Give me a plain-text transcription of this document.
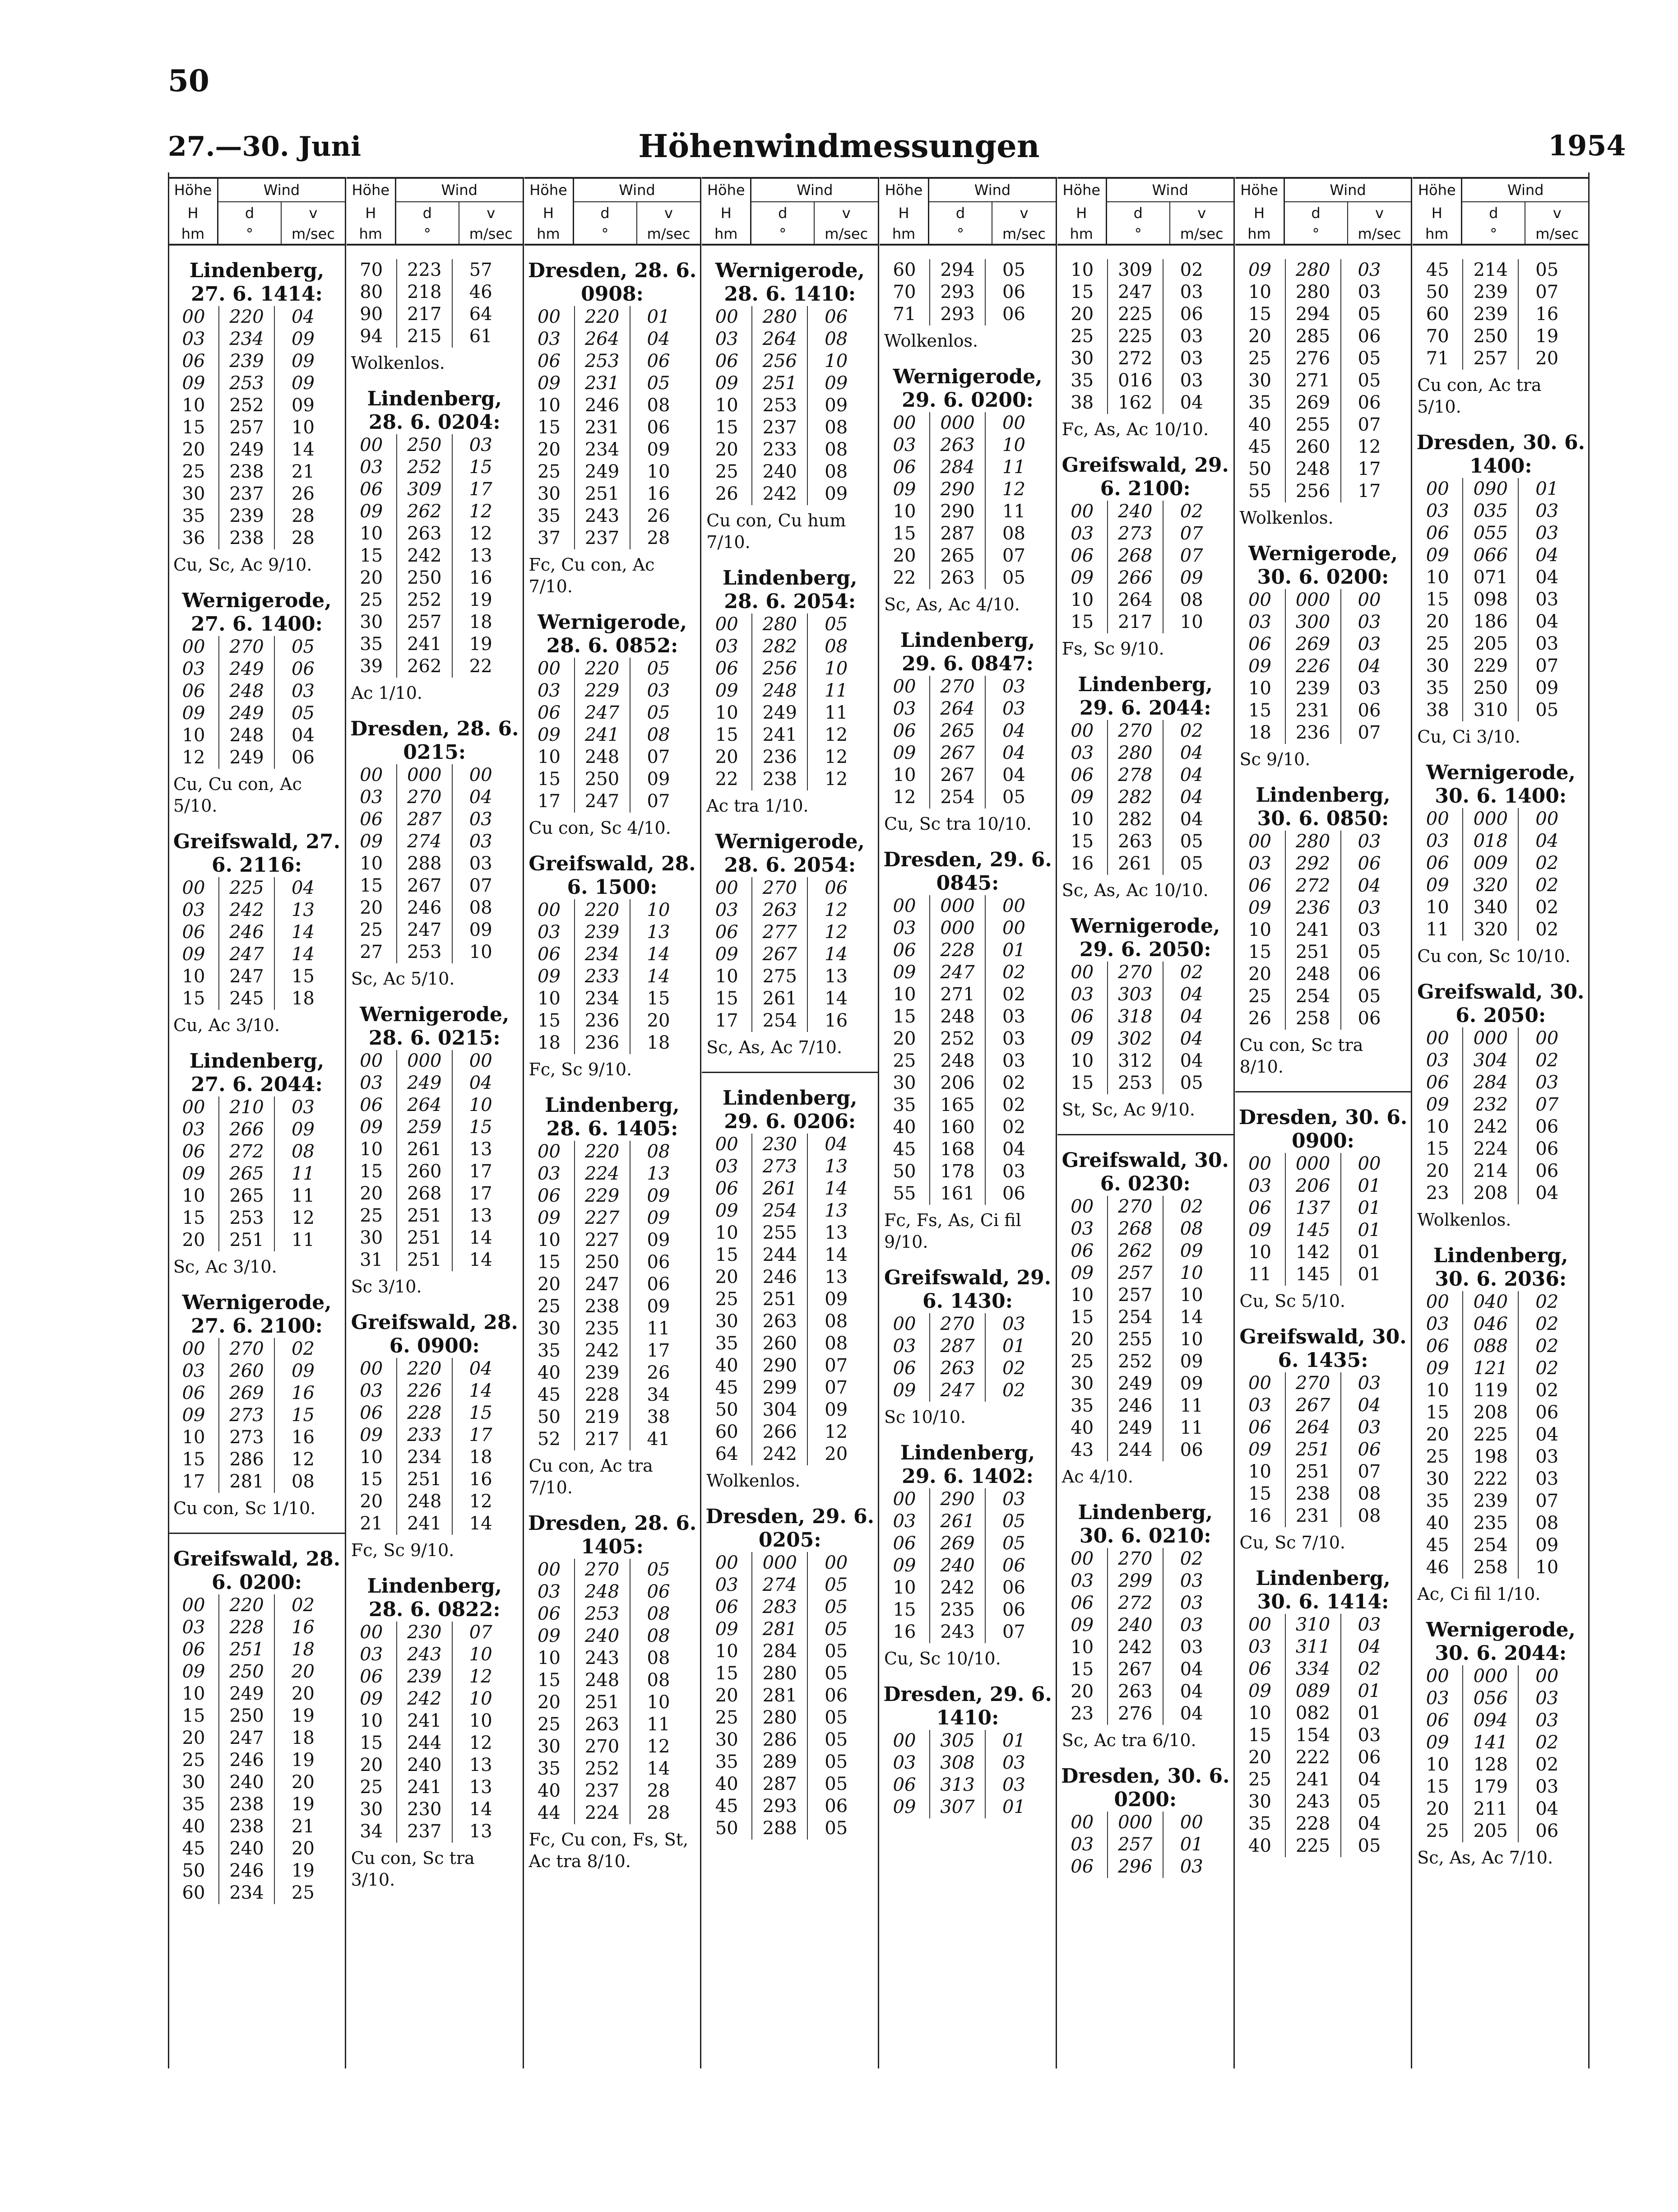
50
27.—30. Juni	Höhenwindmessungen	1954
Höhe	Wind
H	d	v
hm	°	m/sec
Lindenberg, 27. 6. 1414:
00	220	04
03	234	09
06	239	09
09	253	09
10	252	09
15	257	10
20	249	14
25	238	21
30	237	26
35	239	28
36	238	28
Cu, Sc, Ac 9/10.
Wernigerode, 27. 6. 1400:
00	270	05
03	249	06
06	248	03
09	249	05
10	248	04
12	249	06
Cu, Cu con, Ac 5/10.
Greifswald, 27. 6. 2116:
00	225	04
03	242	13
06	246	14
09	247	14
10	247	15
15	245	18
Cu, Ac 3/10.
Lindenberg, 27. 6. 2044:
00	210	03
03	266	09
06	272	08
09	265	11
10	265	11
15	253	12
20	251	11
Sc, Ac 3/10.
Wernigerode, 27. 6. 2100:
00	270	02
03	260	09
06	269	16
09	273	15
10	273	16
15	286	12
17	281	08
Cu con, Sc 1/10.
Greifswald, 28. 6. 0200:
00	220	02
03	228	16
06	251	18
09	250	20
10	249	20
15	250	19
20	247	18
25	246	19
30	240	20
35	238	19
40	238	21
45	240	20
50	246	19
60	234	25
Höhe	Wind
H	d	v
hm	°	m/sec
70	223	57
80	218	46
90	217	64
94	215	61
Wolkenlos.
Lindenberg, 28. 6. 0204:
00	250	03
03	252	15
06	309	17
09	262	12
10	263	12
15	242	13
20	250	16
25	252	19
30	257	18
35	241	19
39	262	22
Ac 1/10.
Dresden, 28. 6. 0215:
00	000	00
03	270	04
06	287	03
09	274	03
10	288	03
15	267	07
20	246	08
25	247	09
27	253	10
Sc, Ac 5/10.
Wernigerode, 28. 6. 0215:
00	000	00
03	249	04
06	264	10
09	259	15
10	261	13
15	260	17
20	268	17
25	251	13
30	251	14
31	251	14
Sc 3/10.
Greifswald, 28. 6. 0900:
00	220	04
03	226	14
06	228	15
09	233	17
10	234	18
15	251	16
20	248	12
21	241	14
Fc, Sc 9/10.
Lindenberg, 28. 6. 0822:
00	230	07
03	243	10
06	239	12
09	242	10
10	241	10
15	244	12
20	240	13
25	241	13
30	230	14
34	237	13
Cu con, Sc tra 3/10.
Höhe	Wind
H	d	v
hm	°	m/sec
Dresden, 28. 6. 0908:
00	220	01
03	264	04
06	253	06
09	231	05
10	246	08
15	231	06
20	234	09
25	249	10
30	251	16
35	243	26
37	237	28
Fc, Cu con, Ac 7/10.
Wernigerode, 28. 6. 0852:
00	220	05
03	229	03
06	247	05
09	241	08
10	248	07
15	250	09
17	247	07
Cu con, Sc 4/10.
Greifswald, 28. 6. 1500:
00	220	10
03	239	13
06	234	14
09	233	14
10	234	15
15	236	20
18	236	18
Fc, Sc 9/10.
Lindenberg, 28. 6. 1405:
00	220	08
03	224	13
06	229	09
09	227	09
10	227	09
15	250	06
20	247	06
25	238	09
30	235	11
35	242	17
40	239	26
45	228	34
50	219	38
52	217	41
Cu con, Ac tra 7/10.
Dresden, 28. 6. 1405:
00	270	05
03	248	06
06	253	08
09	240	08
10	243	08
15	248	08
20	251	10
25	263	11
30	270	12
35	252	14
40	237	28
44	224	28
Fc, Cu con, Fs, St, Ac tra 8/10.
Höhe	Wind
H	d	v
hm	°	m/sec
Wernigerode, 28. 6. 1410:
00	280	06
03	264	08
06	256	10
09	251	09
10	253	09
15	237	08
20	233	08
25	240	08
26	242	09
Cu con, Cu hum 7/10.
Lindenberg, 28. 6. 2054:
00	280	05
03	282	08
06	256	10
09	248	11
10	249	11
15	241	12
20	236	12
22	238	12
Ac tra 1/10.
Wernigerode, 28. 6. 2054:
00	270	06
03	263	12
06	277	12
09	267	14
10	275	13
15	261	14
17	254	16
Sc, As, Ac 7/10.
Lindenberg, 29. 6. 0206:
00	230	04
03	273	13
06	261	14
09	254	13
10	255	13
15	244	14
20	246	13
25	251	09
30	263	08
35	260	08
40	290	07
45	299	07
50	304	09
60	266	12
64	242	20
Wolkenlos.
Dresden, 29. 6. 0205:
00	000	00
03	274	05
06	283	05
09	281	05
10	284	05
15	280	05
20	281	06
25	280	05
30	286	05
35	289	05
40	287	05
45	293	06
50	288	05
Höhe	Wind
H	d	v
hm	°	m/sec
60	294	05
70	293	06
71	293	06
Wolkenlos.
Wernigerode, 29. 6. 0200:
00	000	00
03	263	10
06	284	11
09	290	12
10	290	11
15	287	08
20	265	07
22	263	05
Sc, As, Ac 4/10.
Lindenberg, 29. 6. 0847:
00	270	03
03	264	03
06	265	04
09	267	04
10	267	04
12	254	05
Cu, Sc tra 10/10.
Dresden, 29. 6. 0845:
00	000	00
03	000	00
06	228	01
09	247	02
10	271	02
15	248	03
20	252	03
25	248	03
30	206	02
35	165	02
40	160	02
45	168	04
50	178	03
55	161	06
Fc, Fs, As, Ci fil 9/10.
Greifswald, 29. 6. 1430:
00	270	03
03	287	01
06	263	02
09	247	02
Sc 10/10.
Lindenberg, 29. 6. 1402:
00	290	03
03	261	05
06	269	05
09	240	06
10	242	06
15	235	06
16	243	07
Cu, Sc 10/10.
Dresden, 29. 6. 1410:
00	305	01
03	308	03
06	313	03
09	307	01
Höhe	Wind
H	d	v
hm	°	m/sec
10	309	02
15	247	03
20	225	06
25	225	03
30	272	03
35	016	03
38	162	04
Fc, As, Ac 10/10.
Greifswald, 29. 6. 2100:
00	240	02
03	273	07
06	268	07
09	266	09
10	264	08
15	217	10
Fs, Sc 9/10.
Lindenberg, 29. 6. 2044:
00	270	02
03	280	04
06	278	04
09	282	04
10	282	04
15	263	05
16	261	05
Sc, As, Ac 10/10.
Wernigerode, 29. 6. 2050:
00	270	02
03	303	04
06	318	04
09	302	04
10	312	04
15	253	05
St, Sc, Ac 9/10.
Greifswald, 30. 6. 0230:
00	270	02
03	268	08
06	262	09
09	257	10
10	257	10
15	254	14
20	255	10
25	252	09
30	249	09
35	246	11
40	249	11
43	244	06
Ac 4/10.
Lindenberg, 30. 6. 0210:
00	270	02
03	299	03
06	272	03
09	240	03
10	242	03
15	267	04
20	263	04
23	276	04
Sc, Ac tra 6/10.
Dresden, 30. 6. 0200:
00	000	00
03	257	01
06	296	03
Höhe	Wind
H	d	v
hm	°	m/sec
09	280	03
10	280	03
15	294	05
20	285	06
25	276	05
30	271	05
35	269	06
40	255	07
45	260	12
50	248	17
55	256	17
Wolkenlos.
Wernigerode, 30. 6. 0200:
00	000	00
03	300	03
06	269	03
09	226	04
10	239	03
15	231	06
18	236	07
Sc 9/10.
Lindenberg, 30. 6. 0850:
00	280	03
03	292	06
06	272	04
09	236	03
10	241	03
15	251	05
20	248	06
25	254	05
26	258	06
Cu con, Sc tra 8/10.
Dresden, 30. 6. 0900:
00	000	00
03	206	01
06	137	01
09	145	01
10	142	01
11	145	01
Cu, Sc 5/10.
Greifswald, 30. 6. 1435:
00	270	03
03	267	04
06	264	03
09	251	06
10	251	07
15	238	08
16	231	08
Cu, Sc 7/10.
Lindenberg, 30. 6. 1414:
00	310	03
03	311	04
06	334	02
09	089	01
10	082	01
15	154	03
20	222	06
25	241	04
30	243	05
35	228	04
40	225	05
Höhe	Wind
H	d	v
hm	°	m/sec
45	214	05
50	239	07
60	239	16
70	250	19
71	257	20
Cu con, Ac tra 5/10.
Dresden, 30. 6. 1400:
00	090	01
03	035	03
06	055	03
09	066	04
10	071	04
15	098	03
20	186	04
25	205	03
30	229	07
35	250	09
38	310	05
Cu, Ci 3/10.
Wernigerode, 30. 6. 1400:
00	000	00
03	018	04
06	009	02
09	320	02
10	340	02
11	320	02
Cu con, Sc 10/10.
Greifswald, 30. 6. 2050:
00	000	00
03	304	02
06	284	03
09	232	07
10	242	06
15	224	06
20	214	06
23	208	04
Wolkenlos.
Lindenberg, 30. 6. 2036:
00	040	02
03	046	02
06	088	02
09	121	02
10	119	02
15	208	06
20	225	04
25	198	03
30	222	03
35	239	07
40	235	08
45	254	09
46	258	10
Ac, Ci fil 1/10.
Wernigerode, 30. 6. 2044:
00	000	00
03	056	03
06	094	03
09	141	02
10	128	02
15	179	03
20	211	04
25	205	06
Sc, As, Ac 7/10.
